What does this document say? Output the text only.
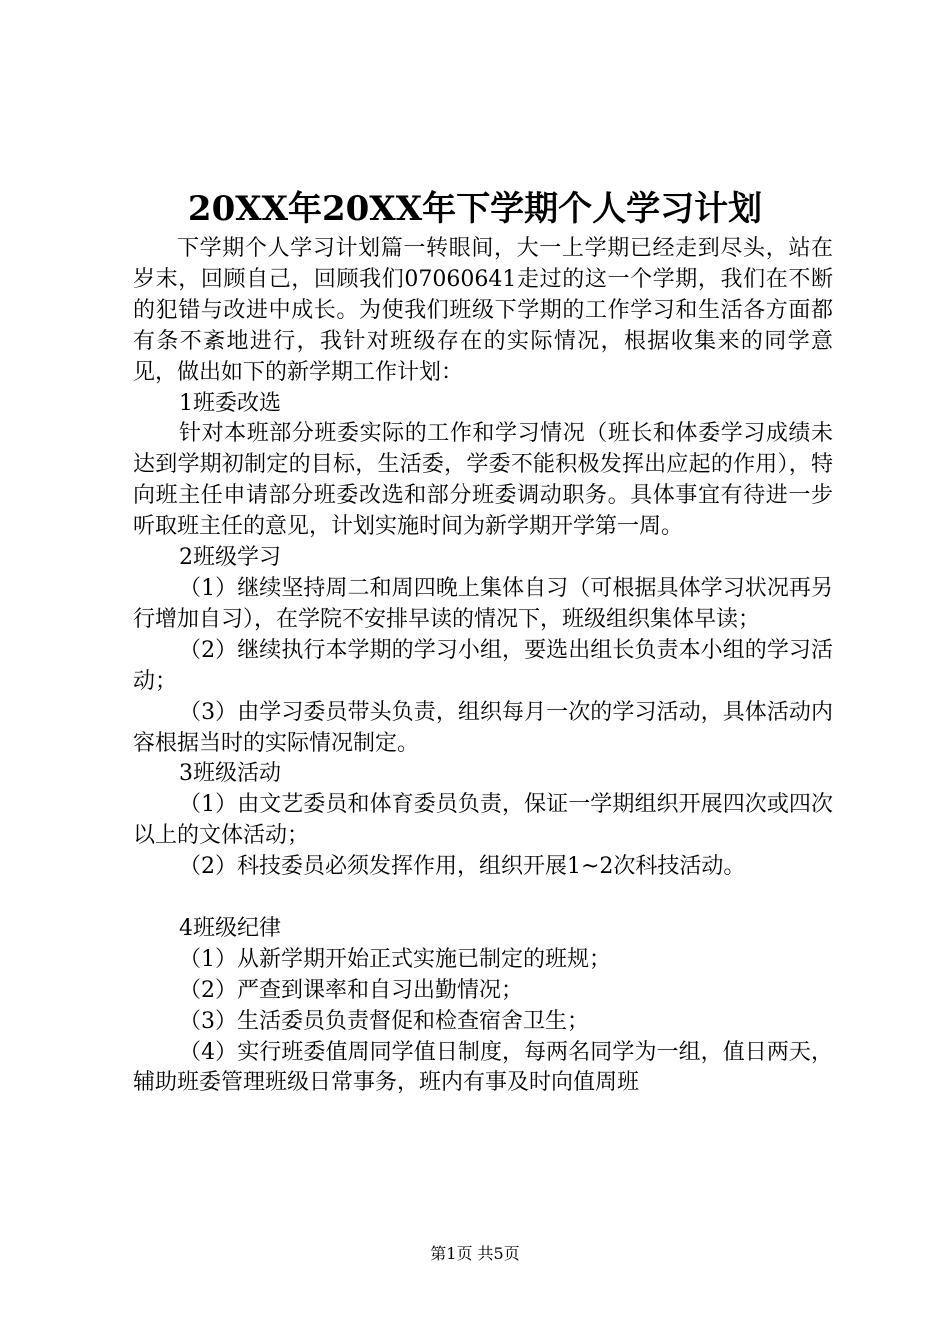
20XX年20XX年下学期个人学习计划

下学期个人学习计划篇一转眼间，大一上学期已经走到尽头，站在岁末，回顾自己，回顾我们07060641走过的这一个学期，我们在不断的犯错与改进中成长。为使我们班级下学期的工作学习和生活各方面都有条不紊地进行，我针对班级存在的实际情况，根据收集来的同学意见，做出如下的新学期工作计划：

1班委改选

针对本班部分班委实际的工作和学习情况（班长和体委学习成绩未达到学期初制定的目标，生活委，学委不能积极发挥出应起的作用），特向班主任申请部分班委改选和部分班委调动职务。具体事宜有待进一步听取班主任的意见，计划实施时间为新学期开学第一周。

2班级学习

（1）继续坚持周二和周四晚上集体自习（可根据具体学习状况再另行增加自习），在学院不安排早读的情况下，班级组织集体早读；

（2）继续执行本学期的学习小组，要选出组长负责本小组的学习活动；

（3）由学习委员带头负责，组织每月一次的学习活动，具体活动内容根据当时的实际情况制定。

3班级活动

（1）由文艺委员和体育委员负责，保证一学期组织开展四次或四次以上的文体活动；

（2）科技委员必须发挥作用，组织开展1~2次科技活动。

4班级纪律

（1）从新学期开始正式实施已制定的班规；

（2）严查到课率和自习出勤情况；

（3）生活委员负责督促和检查宿舍卫生；

（4）实行班委值周同学值日制度，每两名同学为一组，值日两天，辅助班委管理班级日常事务，班内有事及时向值周班

第1页 共5页
